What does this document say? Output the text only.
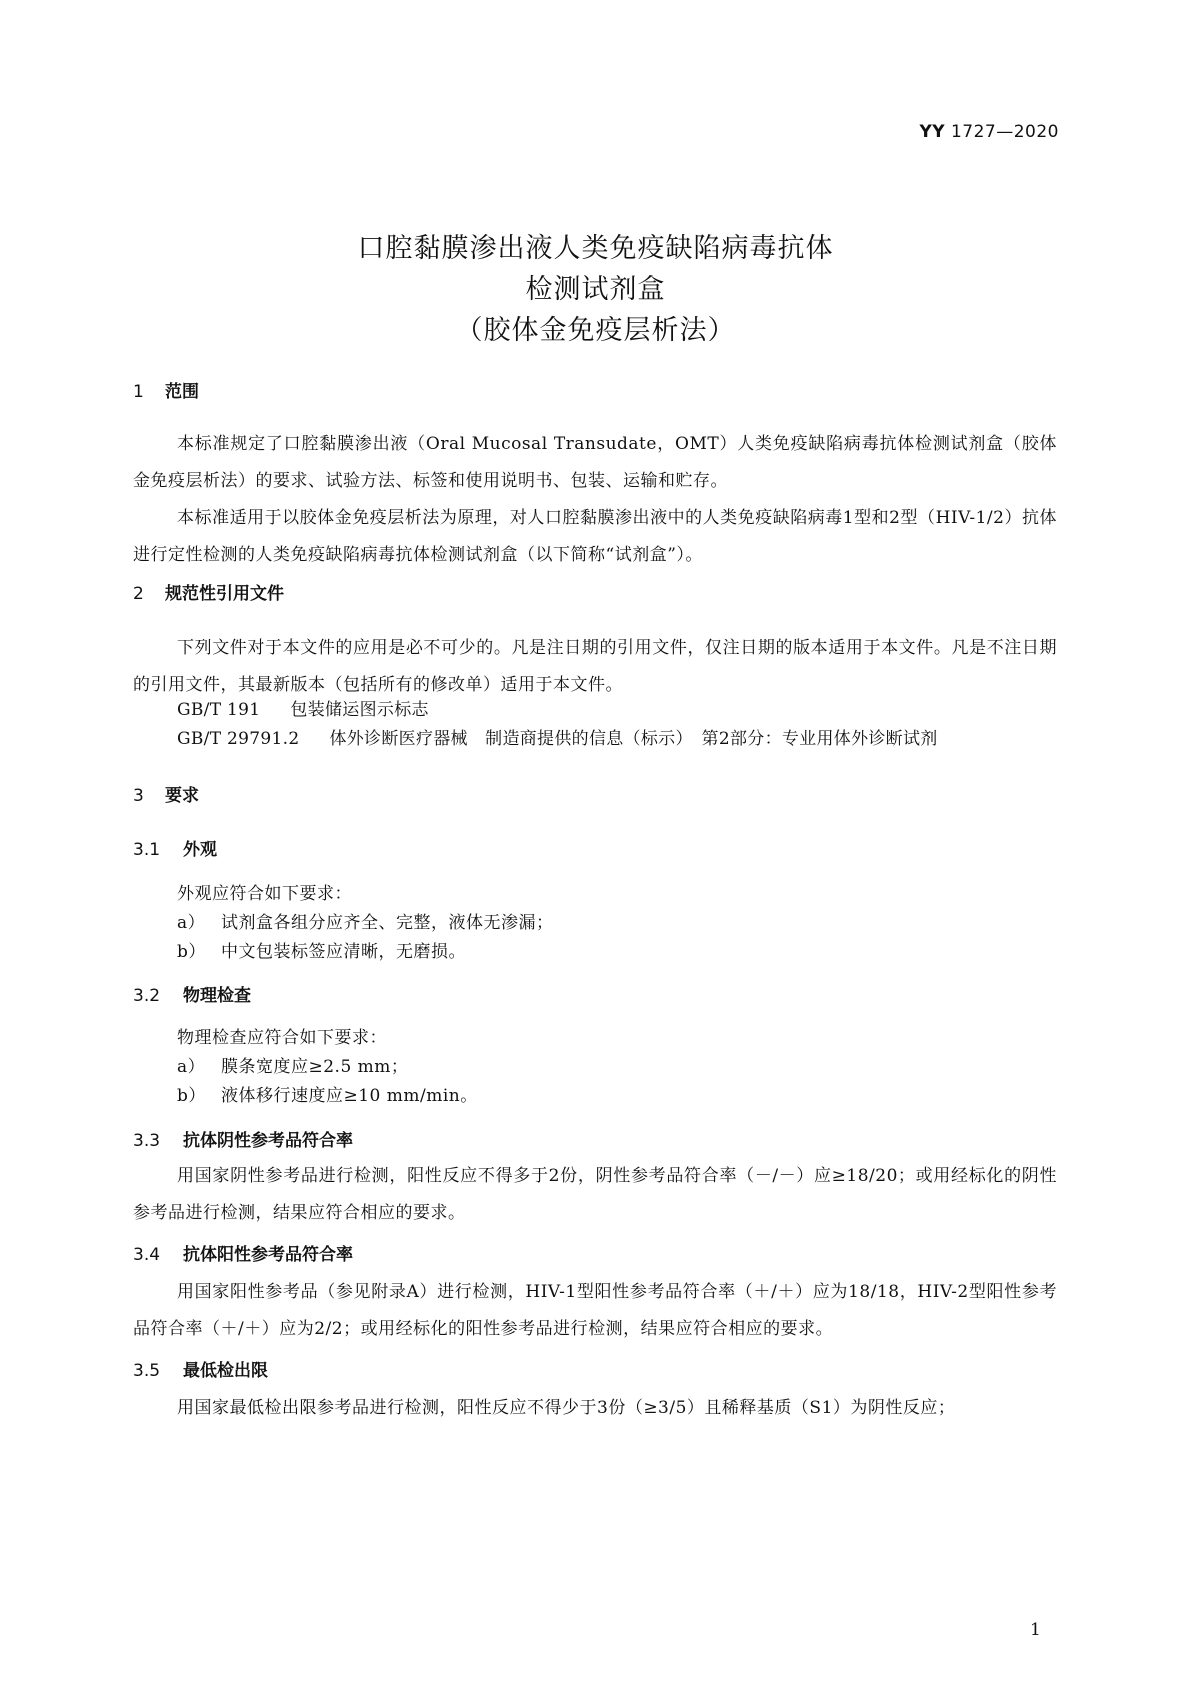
YY 1727—2020
口腔黏膜渗出液人类免疫缺陷病毒抗体
检测试剂盒
（胶体金免疫层析法）
1 范围
本标准规定了口腔黏膜渗出液（Oral Mucosal Transudate，OMT）人类免疫缺陷病毒抗体检测试剂盒（胶体金免疫层析法）的要求、试验方法、标签和使用说明书、包装、运输和贮存。
本标准适用于以胶体金免疫层析法为原理，对人口腔黏膜渗出液中的人类免疫缺陷病毒1型和2型（HIV-1/2）抗体进行定性检测的人类免疫缺陷病毒抗体检测试剂盒（以下简称“试剂盒”）。
2 规范性引用文件
下列文件对于本文件的应用是必不可少的。凡是注日期的引用文件，仅注日期的版本适用于本文件。凡是不注日期的引用文件，其最新版本（包括所有的修改单）适用于本文件。
GB/T 191 包装储运图示标志
GB/T 29791.2 体外诊断医疗器械　制造商提供的信息（标示）　第2部分：专业用体外诊断试剂
3 要求
3.1 外观
外观应符合如下要求：
a） 试剂盒各组分应齐全、完整，液体无渗漏；
b） 中文包装标签应清晰，无磨损。
3.2 物理检查
物理检查应符合如下要求：
a） 膜条宽度应≥2.5 mm；
b） 液体移行速度应≥10 mm/min。
3.3 抗体阴性参考品符合率
用国家阴性参考品进行检测，阳性反应不得多于2份，阴性参考品符合率（－/－）应≥18/20；或用经标化的阴性参考品进行检测，结果应符合相应的要求。
3.4 抗体阳性参考品符合率
用国家阳性参考品（参见附录A）进行检测，HIV-1型阳性参考品符合率（＋/＋）应为18/18，HIV-2型阳性参考品符合率（＋/＋）应为2/2；或用经标化的阳性参考品进行检测，结果应符合相应的要求。
3.5 最低检出限
用国家最低检出限参考品进行检测，阳性反应不得少于3份（≥3/5）且稀释基质（S1）为阴性反应；
1
